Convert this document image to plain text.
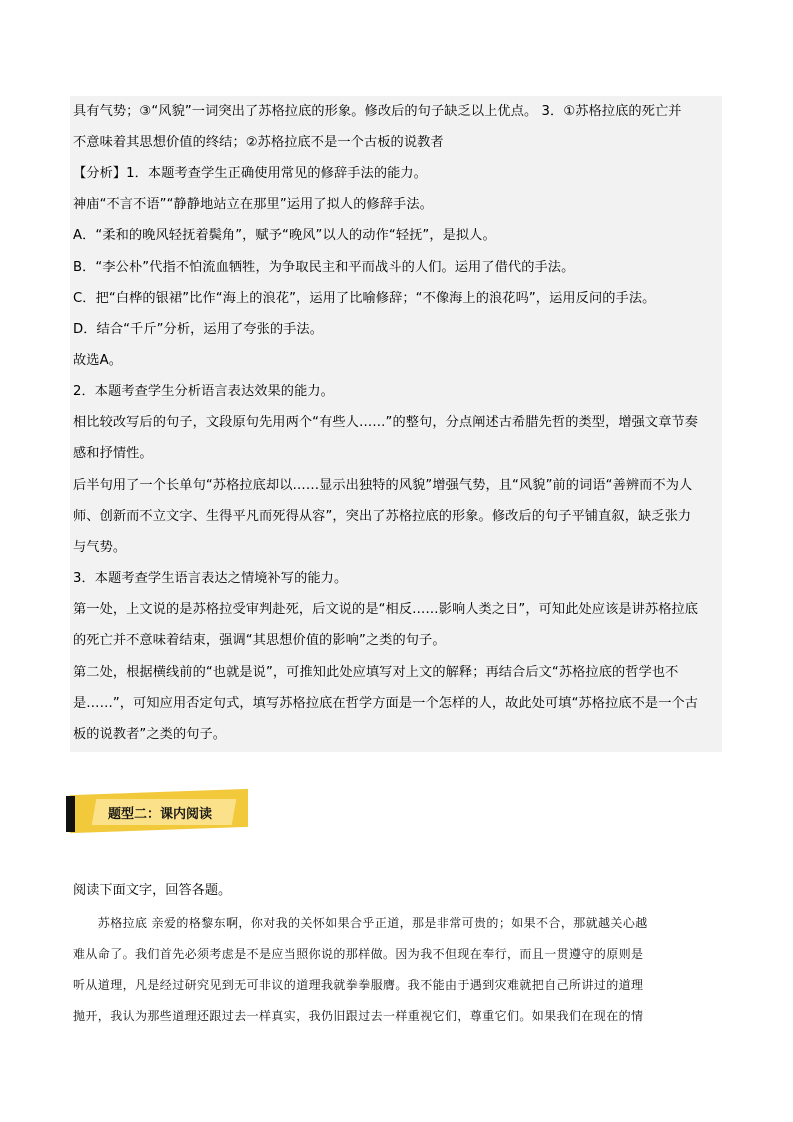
具有气势；③“风貌”一词突出了苏格拉底的形象。修改后的句子缺乏以上优点。 3．①苏格拉底的死亡并
不意味着其思想价值的终结；②苏格拉底不是一个古板的说教者
【分析】1．本题考查学生正确使用常见的修辞手法的能力。
神庙“不言不语”“静静地站立在那里”运用了拟人的修辞手法。
A．“柔和的晚风轻抚着鬓角”，赋予“晚风”以人的动作“轻抚”，是拟人。
B．“李公朴”代指不怕流血牺牲，为争取民主和平而战斗的人们。运用了借代的手法。
C．把“白桦的银裙”比作“海上的浪花”，运用了比喻修辞；“不像海上的浪花吗”，运用反问的手法。
D．结合“千斤”分析，运用了夸张的手法。
故选A。
2．本题考查学生分析语言表达效果的能力。
相比较改写后的句子，文段原句先用两个“有些人……”的整句，分点阐述古希腊先哲的类型，增强文章节奏
感和抒情性。
后半句用了一个长单句“苏格拉底却以……显示出独特的风貌”增强气势，且“风貌”前的词语“善辨而不为人
师、创新而不立文字、生得平凡而死得从容”，突出了苏格拉底的形象。修改后的句子平铺直叙，缺乏张力
与气势。
3．本题考查学生语言表达之情境补写的能力。
第一处，上文说的是苏格拉受审判赴死，后文说的是“相反……影响人类之日”，可知此处应该是讲苏格拉底
的死亡并不意味着结束，强调“其思想价值的影响”之类的句子。
第二处，根据横线前的“也就是说”，可推知此处应填写对上文的解释；再结合后文“苏格拉底的哲学也不
是……”，可知应用否定句式，填写苏格拉底在哲学方面是一个怎样的人，故此处可填“苏格拉底不是一个古
板的说教者”之类的句子。
题型二：课内阅读
阅读下面文字，回答各题。
　　苏格拉底 亲爱的格黎东啊，你对我的关怀如果合乎正道，那是非常可贵的；如果不合，那就越关心越
难从命了。我们首先必须考虑是不是应当照你说的那样做。因为我不但现在奉行，而且一贯遵守的原则是
听从道理，凡是经过研究见到无可非议的道理我就拳拳服膺。我不能由于遇到灾难就把自己所讲过的道理
抛开，我认为那些道理还跟过去一样真实，我仍旧跟过去一样重视它们，尊重它们。如果我们在现在的情
